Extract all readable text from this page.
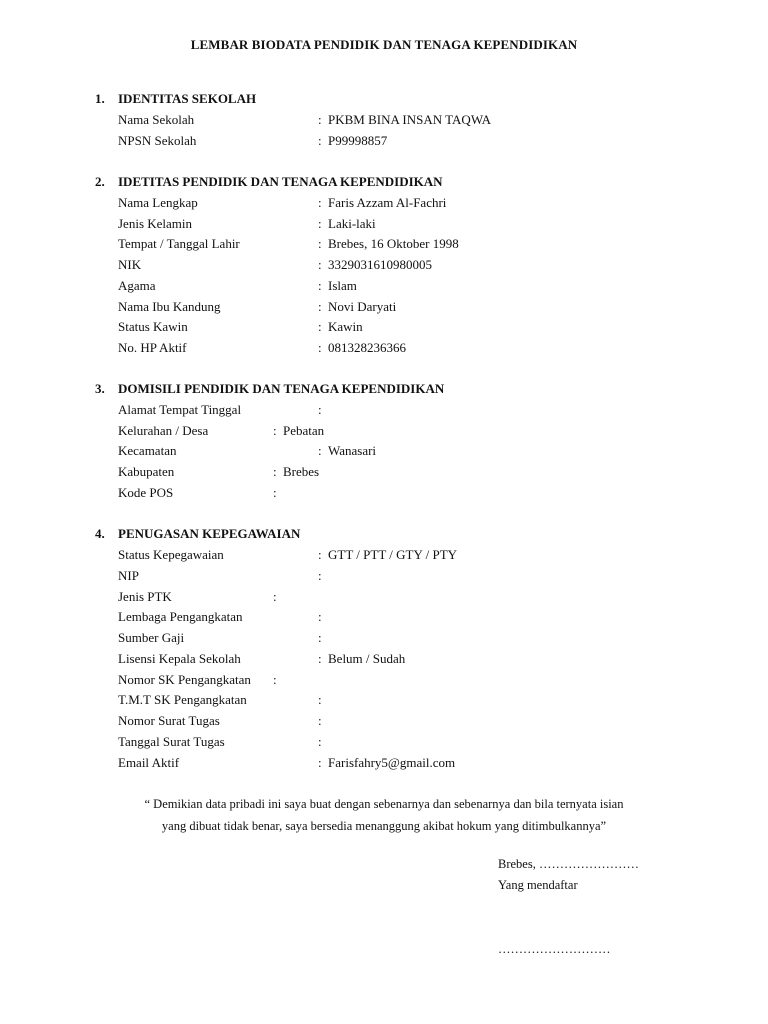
LEMBAR BIODATA PENDIDIK DAN TENAGA KEPENDIDIKAN
1. IDENTITAS SEKOLAH
Nama Sekolah	: PKBM BINA INSAN TAQWA
NPSN Sekolah	: P99998857
2. IDETITAS PENDIDIK DAN TENAGA KEPENDIDIKAN
Nama Lengkap	: Faris Azzam Al-Fachri
Jenis Kelamin	: Laki-laki
Tempat / Tanggal Lahir	: Brebes, 16 Oktober 1998
NIK	: 3329031610980005
Agama	: Islam
Nama Ibu Kandung	: Novi Daryati
Status Kawin	: Kawin
No. HP Aktif	: 081328236366
3. DOMISILI PENDIDIK DAN TENAGA KEPENDIDIKAN
Alamat Tempat Tinggal	:
Kelurahan / Desa	: Pebatan
Kecamatan	: Wanasari
Kabupaten	: Brebes
Kode POS	:
4. PENUGASAN KEPEGAWAIAN
Status Kepegawaian	: GTT / PTT / GTY / PTY
NIP	:
Jenis PTK	:
Lembaga Pengangkatan	:
Sumber Gaji	:
Lisensi Kepala Sekolah	: Belum / Sudah
Nomor SK Pengangkatan :
T.M.T SK Pengangkatan	:
Nomor Surat Tugas	:
Tanggal Surat Tugas	:
Email Aktif	: Farisfahry5@gmail.com
“ Demikian data pribadi ini saya buat dengan sebenarnya dan sebenarnya dan bila ternyata isian
yang dibuat tidak benar, saya bersedia menanggung akibat hokum yang ditimbulkannya”
Brebes, ……………………
Yang mendaftar
………………………
